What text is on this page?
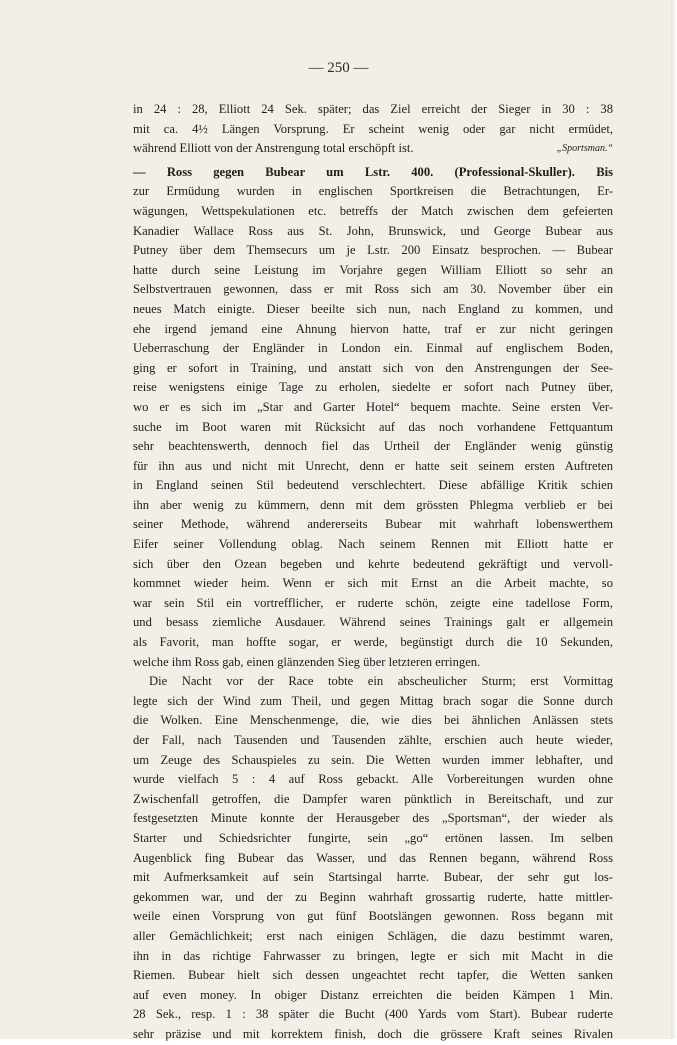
— 250 —
in 24 : 28, Elliott 24 Sek. später; das Ziel erreicht der Sieger in 30 : 38
mit ca. 4½ Längen Vorsprung. Er scheint wenig oder gar nicht ermüdet,
während Elliott von der Anstrengung total erschöpft ist.	„Sportsman.“
— Ross gegen Bubear um Lstr. 400. (Professional-Skuller). Bis
zur Ermüdung wurden in englischen Sportkreisen die Betrachtungen, Er-
wägungen, Wettspekulationen etc. betreffs der Match zwischen dem gefeierten
Kanadier Wallace Ross aus St. John, Brunswick, und George Bubear aus
Putney über dem Themsecurs um je Lstr. 200 Einsatz besprochen. — Bubear
hatte durch seine Leistung im Vorjahre gegen William Elliott so sehr an
Selbstvertrauen gewonnen, dass er mit Ross sich am 30. November über ein
neues Match einigte. Dieser beeilte sich nun, nach England zu kommen, und
ehe irgend jemand eine Ahnung hiervon hatte, traf er zur nicht geringen
Ueberraschung der Engländer in London ein. Einmal auf englischem Boden,
ging er sofort in Training, und anstatt sich von den Anstrengungen der See-
reise wenigstens einige Tage zu erholen, siedelte er sofort nach Putney über,
wo er es sich im „Star and Garter Hotel“ bequem machte. Seine ersten Ver-
suche im Boot waren mit Rücksicht auf das noch vorhandene Fettquantum
sehr beachtenswerth, dennoch fiel das Urtheil der Engländer wenig günstig
für ihn aus und nicht mit Unrecht, denn er hatte seit seinem ersten Auftreten
in England seinen Stil bedeutend verschlechtert. Diese abfällige Kritik schien
ihn aber wenig zu kümmern, denn mit dem grössten Phlegma verblieb er bei
seiner Methode, während andererseits Bubear mit wahrhaft lobenswerthem
Eifer seiner Vollendung oblag. Nach seinem Rennen mit Elliott hatte er
sich über den Ozean begeben und kehrte bedeutend gekräftigt und vervoll-
kommnet wieder heim. Wenn er sich mit Ernst an die Arbeit machte, so
war sein Stil ein vortrefflicher, er ruderte schön, zeigte eine tadellose Form,
und besass ziemliche Ausdauer. Während seines Trainings galt er allgemein
als Favorit, man hoffte sogar, er werde, begünstigt durch die 10 Sekunden,
welche ihm Ross gab, einen glänzenden Sieg über letzteren erringen.
Die Nacht vor der Race tobte ein abscheulicher Sturm; erst Vormittag
legte sich der Wind zum Theil, und gegen Mittag brach sogar die Sonne durch
die Wolken. Eine Menschenmenge, die, wie dies bei ähnlichen Anlässen stets
der Fall, nach Tausenden und Tausenden zählte, erschien auch heute wieder,
um Zeuge des Schauspieles zu sein. Die Wetten wurden immer lebhafter, und
wurde vielfach 5 : 4 auf Ross gebackt. Alle Vorbereitungen wurden ohne
Zwischenfall getroffen, die Dampfer waren pünktlich in Bereitschaft, und zur
festgesetzten Minute konnte der Herausgeber des „Sportsman“, der wieder als
Starter und Schiedsrichter fungirte, sein „go“ ertönen lassen. Im selben
Augenblick fing Bubear das Wasser, und das Rennen begann, während Ross
mit Aufmerksamkeit auf sein Startsingal harrte. Bubear, der sehr gut los-
gekommen war, und der zu Beginn wahrhaft grossartig ruderte, hatte mittler-
weile einen Vorsprung von gut fünf Bootslängen gewonnen. Ross begann mit
aller Gemächlichkeit; erst nach einigen Schlägen, die dazu bestimmt waren,
ihn in das richtige Fahrwasser zu bringen, legte er sich mit Macht in die
Riemen. Bubear hielt sich dessen ungeachtet recht tapfer, die Wetten sanken
auf even money. In obiger Distanz erreichten die beiden Kämpen 1 Min.
28 Sek., resp. 1 : 38 später die Bucht (400 Yards vom Start). Bubear ruderte
sehr präzise und mit korrektem finish, doch die grössere Kraft seines Rivalen
